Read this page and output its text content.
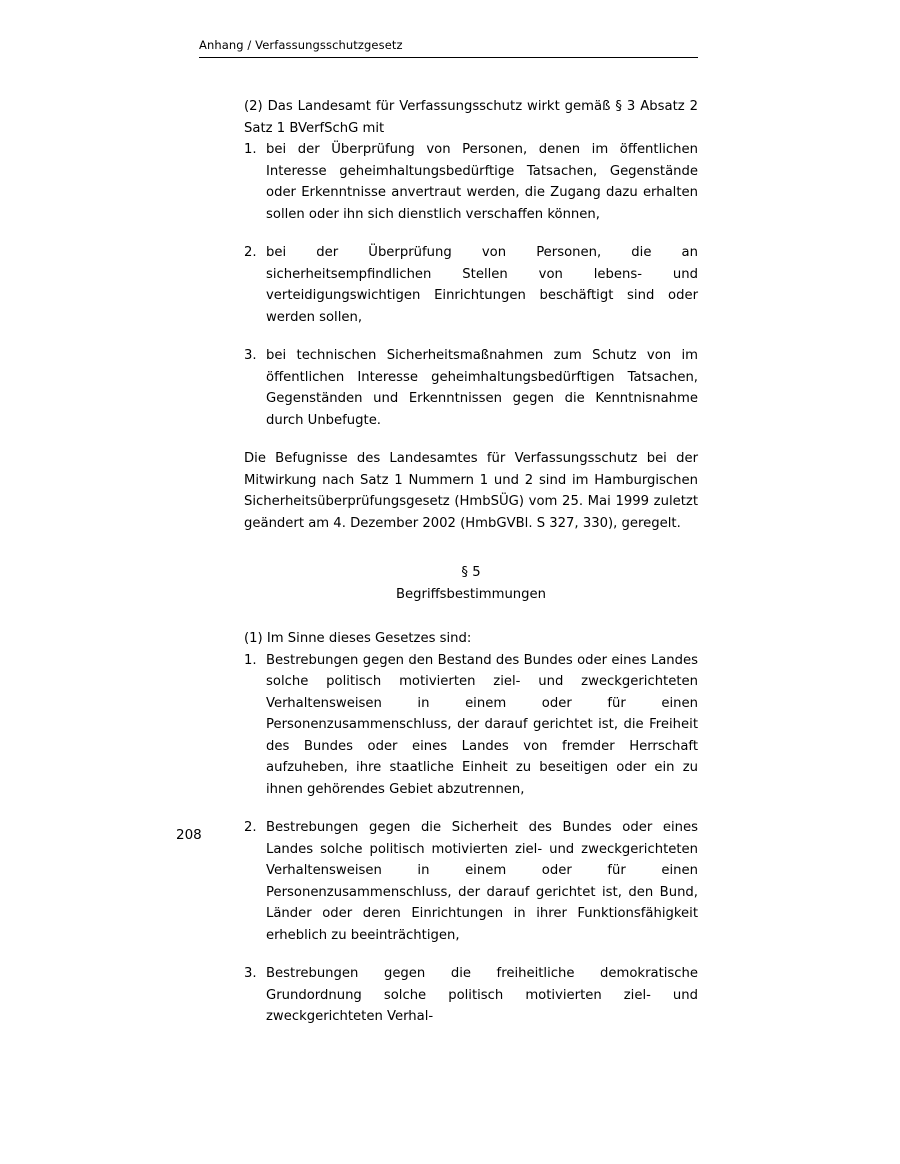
Anhang / Verfassungsschutzgesetz

(2) Das Landesamt für Verfassungsschutz wirkt gemäß § 3 Absatz 2 Satz 1 BVerfSchG mit

1. bei der Überprüfung von Personen, denen im öffentlichen Interesse geheimhaltungsbedürftige Tatsachen, Gegenstände oder Erkenntnisse anvertraut werden, die Zugang dazu erhalten sollen oder ihn sich dienstlich verschaffen können,
2. bei der Überprüfung von Personen, die an sicherheitsempfindlichen Stellen von lebens- und verteidigungswichtigen Einrichtungen beschäftigt sind oder werden sollen,
3. bei technischen Sicherheitsmaßnahmen zum Schutz von im öffentlichen Interesse geheimhaltungsbedürftigen Tatsachen, Gegenständen und Erkenntnissen gegen die Kenntnisnahme durch Unbefugte.

Die Befugnisse des Landesamtes für Verfassungsschutz bei der Mitwirkung nach Satz 1 Nummern 1 und 2 sind im Hamburgischen Sicherheitsüberprüfungsgesetz (HmbSÜG) vom 25. Mai 1999 zuletzt geändert am 4. Dezember 2002 (HmbGVBl. S 327, 330), geregelt.

§ 5
Begriffsbestimmungen

(1) Im Sinne dieses Gesetzes sind:

1. Bestrebungen gegen den Bestand des Bundes oder eines Landes solche politisch motivierten ziel- und zweckgerichteten Verhaltensweisen in einem oder für einen Personenzusammenschluss, der darauf gerichtet ist, die Freiheit des Bundes oder eines Landes von fremder Herrschaft aufzuheben, ihre staatliche Einheit zu beseitigen oder ein zu ihnen gehörendes Gebiet abzutrennen,
2. Bestrebungen gegen die Sicherheit des Bundes oder eines Landes solche politisch motivierten ziel- und zweckgerichteten Verhaltensweisen in einem oder für einen Personenzusammenschluss, der darauf gerichtet ist, den Bund, Länder oder deren Einrichtungen in ihrer Funktionsfähigkeit erheblich zu beeinträchtigen,
3. Bestrebungen gegen die freiheitliche demokratische Grundordnung solche politisch motivierten ziel- und zweckgerichteten Verhal-
208
